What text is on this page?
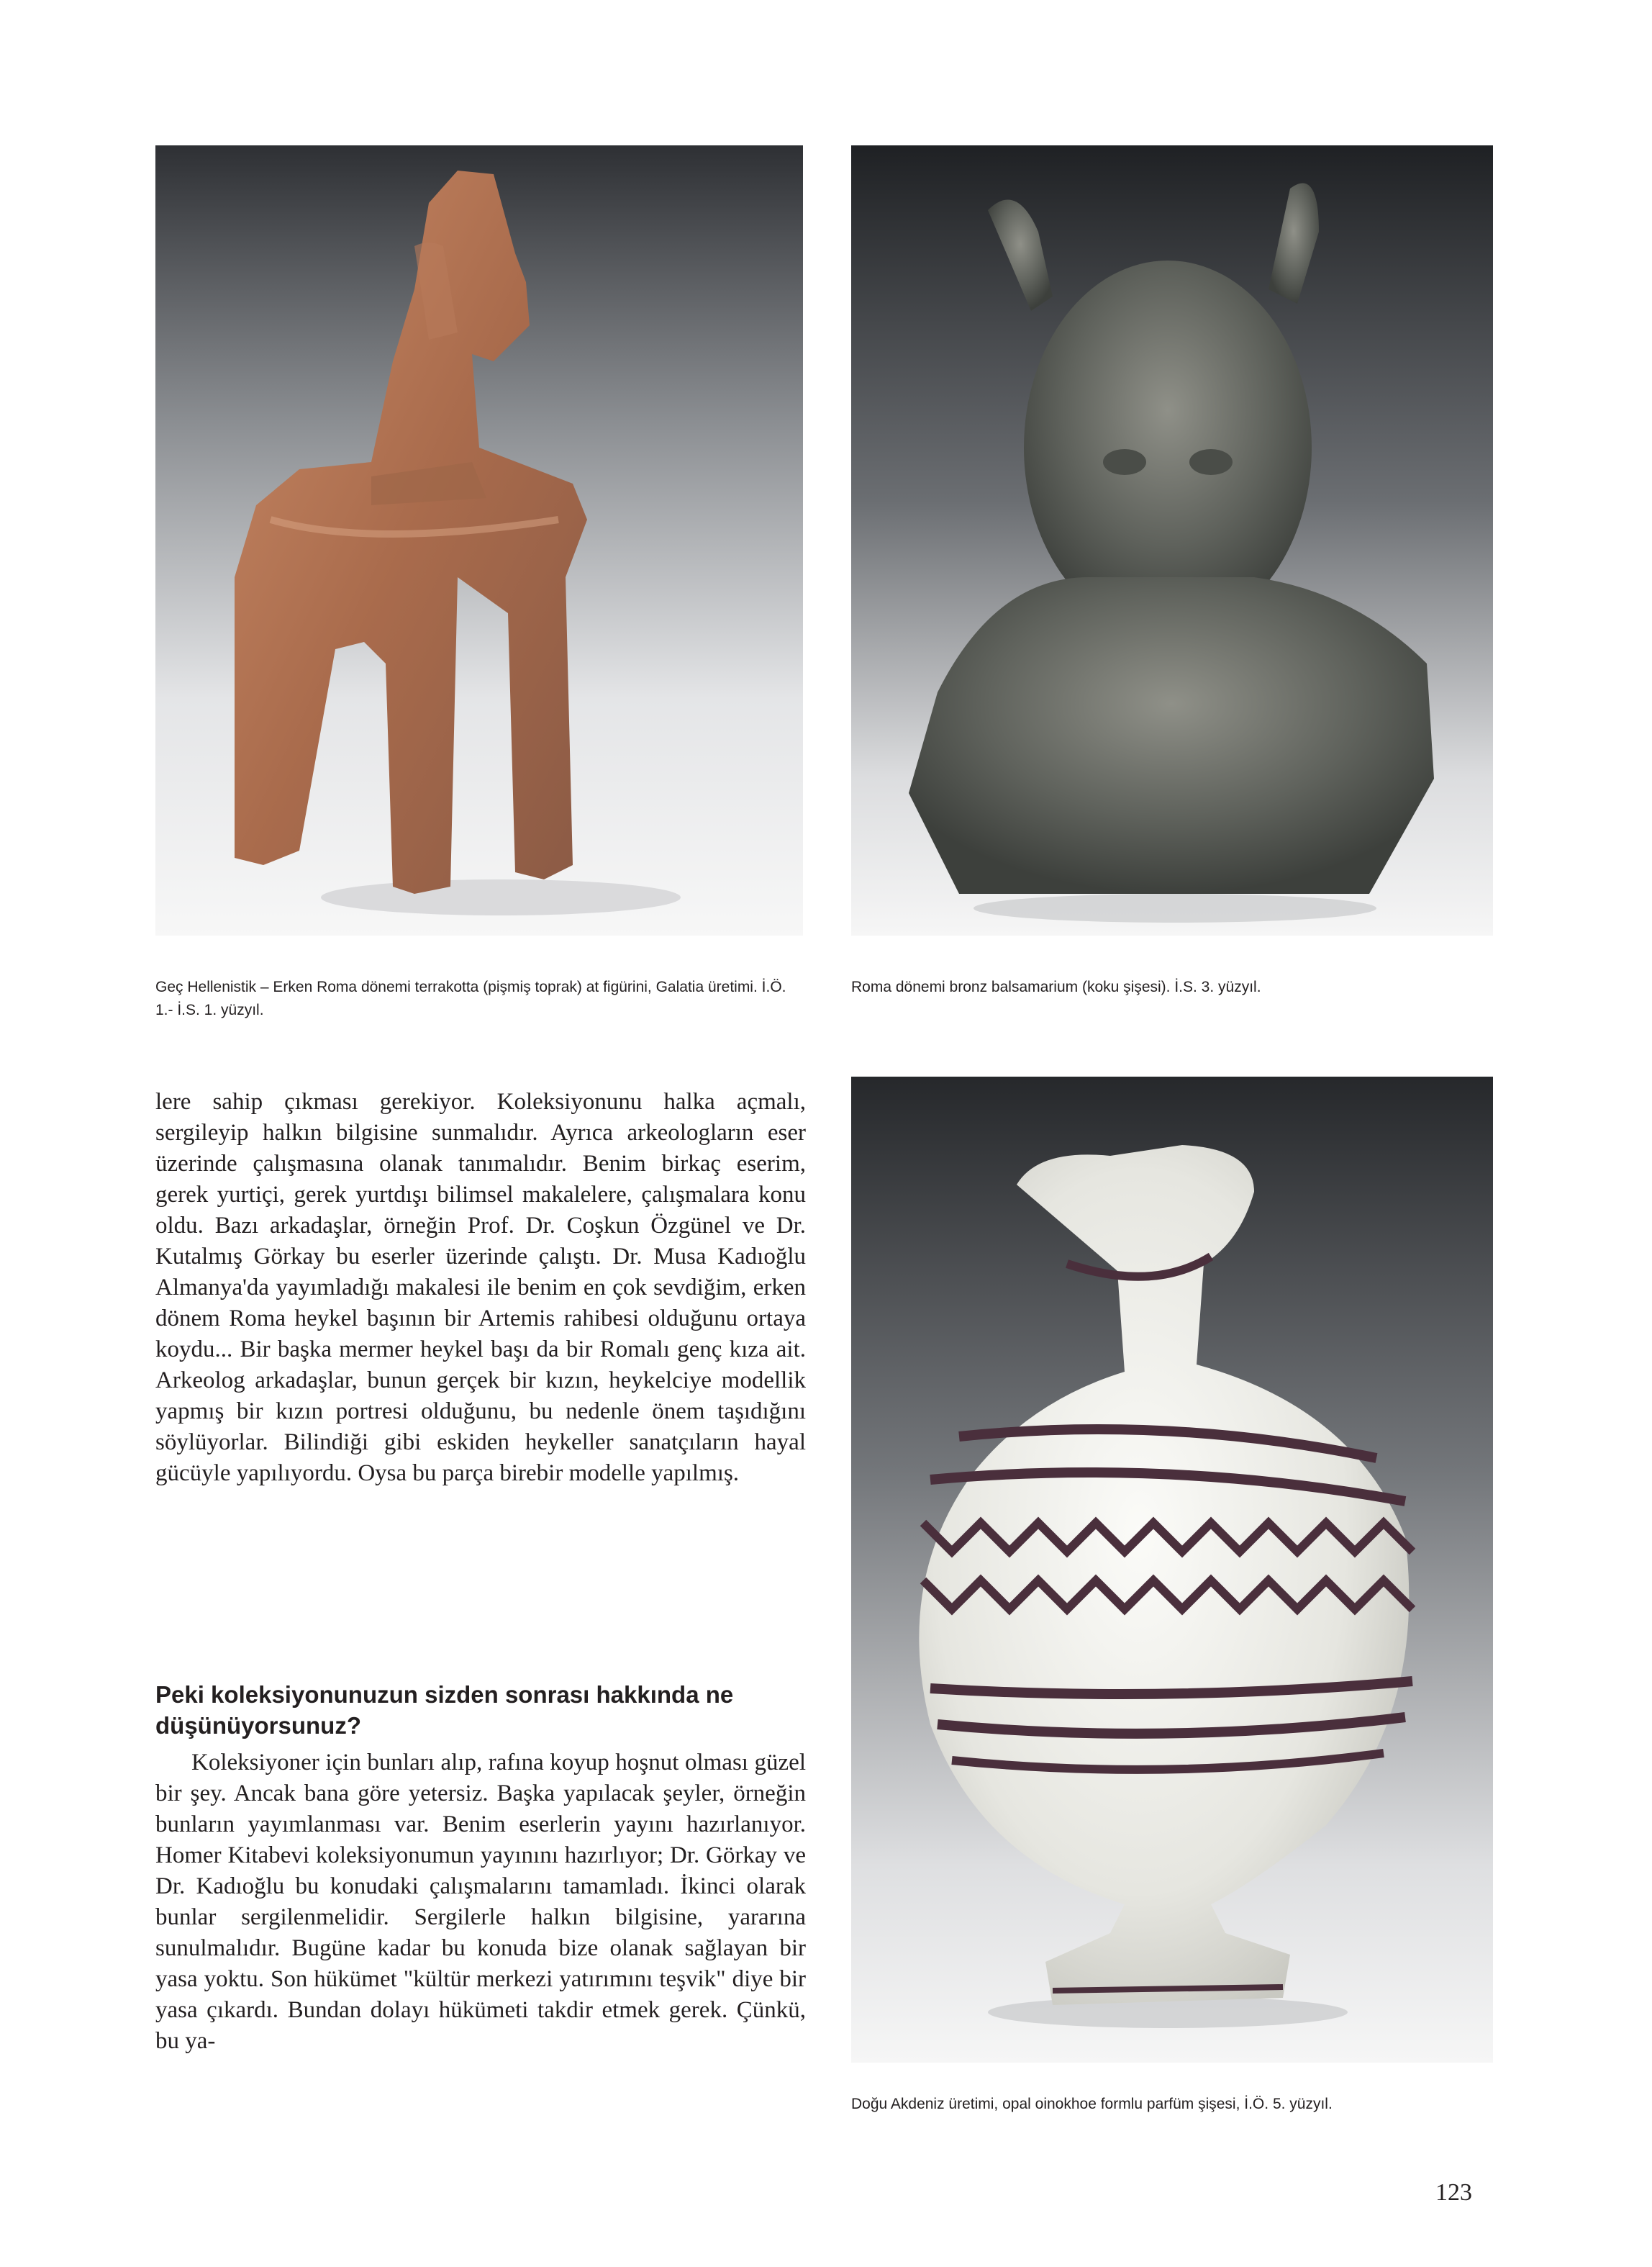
Geç Hellenistik – Erken Roma dönemi terrakotta (pişmiş toprak) at figürini, Galatia üretimi. İ.Ö. 1.- İ.S. 1. yüzyıl.
Roma dönemi bronz balsamarium (koku şişesi). İ.S. 3. yüzyıl.

lere sahip çıkması gerekiyor. Koleksiyonunu halka açmalı, sergileyip halkın bilgisine sunmalıdır. Ayrıca arkeologların eser üzerinde çalışmasına olanak tanımalıdır. Benim birkaç eserim, gerek yurtiçi, gerek yurtdışı bilimsel makalelere, çalışmalara konu oldu. Bazı arkadaşlar, örneğin Prof. Dr. Coşkun Özgünel ve Dr. Kutalmış Görkay bu eserler üzerinde çalıştı. Dr. Musa Kadıoğlu Almanya'da yayımladığı makalesi ile benim en çok sevdiğim, erken dönem Roma heykel başının bir Artemis rahibesi olduğunu ortaya koydu... Bir başka mermer heykel başı da bir Romalı genç kıza ait. Arkeolog arkadaşlar, bunun gerçek bir kızın, heykelciye modellik yapmış bir kızın portresi olduğunu, bu nedenle önem taşıdığını söylüyorlar. Bilindiği gibi eskiden heykeller sanatçıların hayal gücüyle yapılıyordu. Oysa bu parça birebir modelle yapılmış.

Peki koleksiyonunuzun sizden sonrası hakkında ne düşünüyorsunuz?

Koleksiyoner için bunları alıp, rafına koyup hoşnut olması güzel bir şey. Ancak bana göre yetersiz. Başka yapılacak şeyler, örneğin bunların yayımlanması var. Benim eserlerin yayını hazırlanıyor. Homer Kitabevi koleksiyonumun yayınını hazırlıyor; Dr. Görkay ve Dr. Kadıoğlu bu konudaki çalışmalarını tamamladı. İkinci olarak bunlar sergilenmelidir. Sergilerle halkın bilgisine, yararına sunulmalıdır. Bugüne kadar bu konuda bize olanak sağlayan bir yasa yoktu. Son hükümet "kültür merkezi yatırımını teşvik" diye bir yasa çıkardı. Bundan dolayı hükümeti takdir etmek gerek. Çünkü, bu ya-

Doğu Akdeniz üretimi, opal oinokhoe formlu parfüm şişesi, İ.Ö. 5. yüzyıl.
123
